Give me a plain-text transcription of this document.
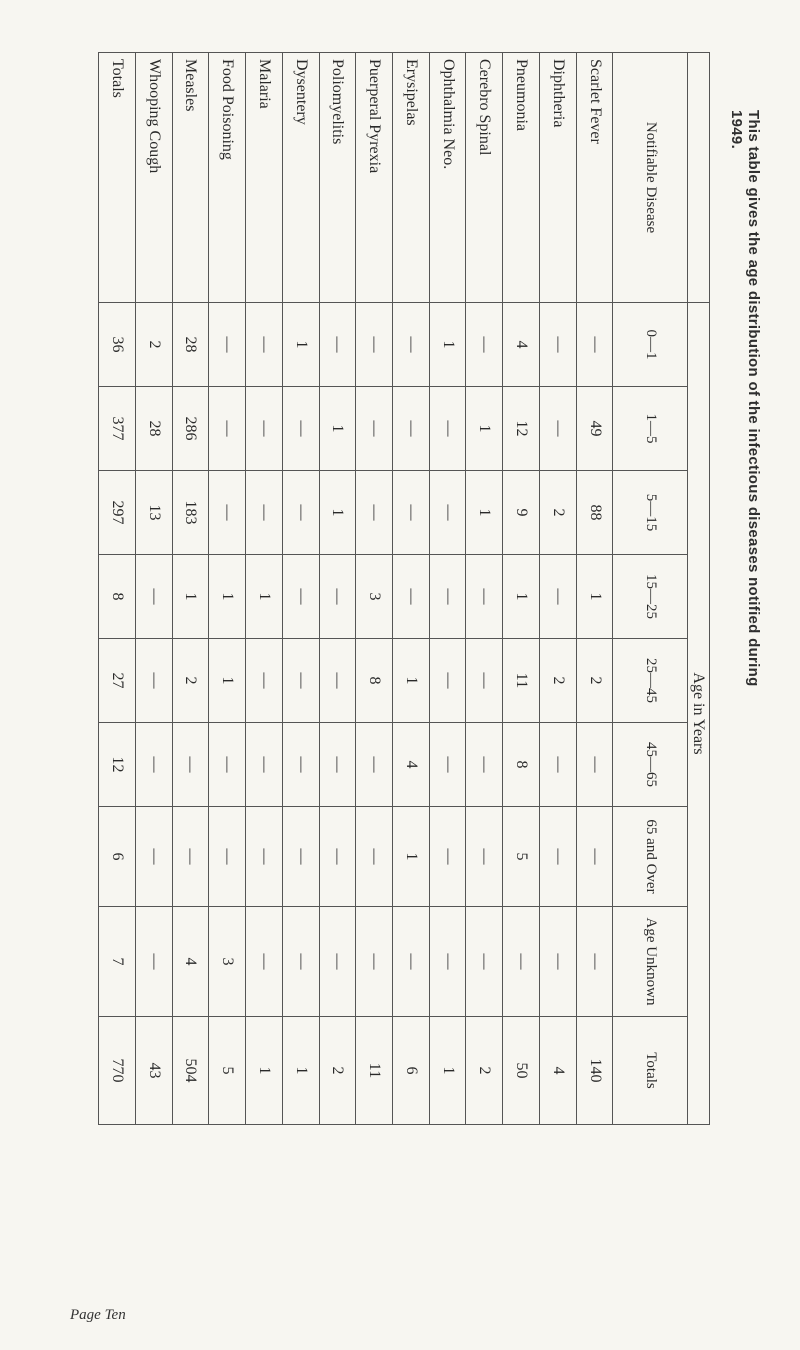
This table gives the age distribution of the infectious diseases notified during 1949.
	Age in Years								
Notifiable Disease	0—1	1—5	5—15	15—25	25—45	45—65	65 and Over	Age Unknown	Totals
Scarlet Fever	—	49	88	1	2	—	—	—	140
Diphtheria	—	—	2	—	2	—	—	—	4
Pneumonia	4	12	9	1	11	8	5	—	50
Cerebro Spinal	—	1	1	—	—	—	—	—	2
Ophthalmia Neo.	1	—	—	—	—	—	—	—	1
Erysipelas	—	—	—	—	1	4	1	—	6
Puerperal Pyrexia	—	—	—	3	8	—	—	—	11
Poliomyelitis	—	1	1	—	—	—	—	—	2
Dysentery	1	—	—	—	—	—	—	—	1
Malaria	—	—	—	1	—	—	—	—	1
Food Poisoning	—	—	—	1	1	—	—	3	5
Measles	28	286	183	1	2	—	—	4	504
Whooping Cough	2	28	13	—	—	—	—	—	43
Totals	36	377	297	8	27	12	6	7	770
Page Ten
